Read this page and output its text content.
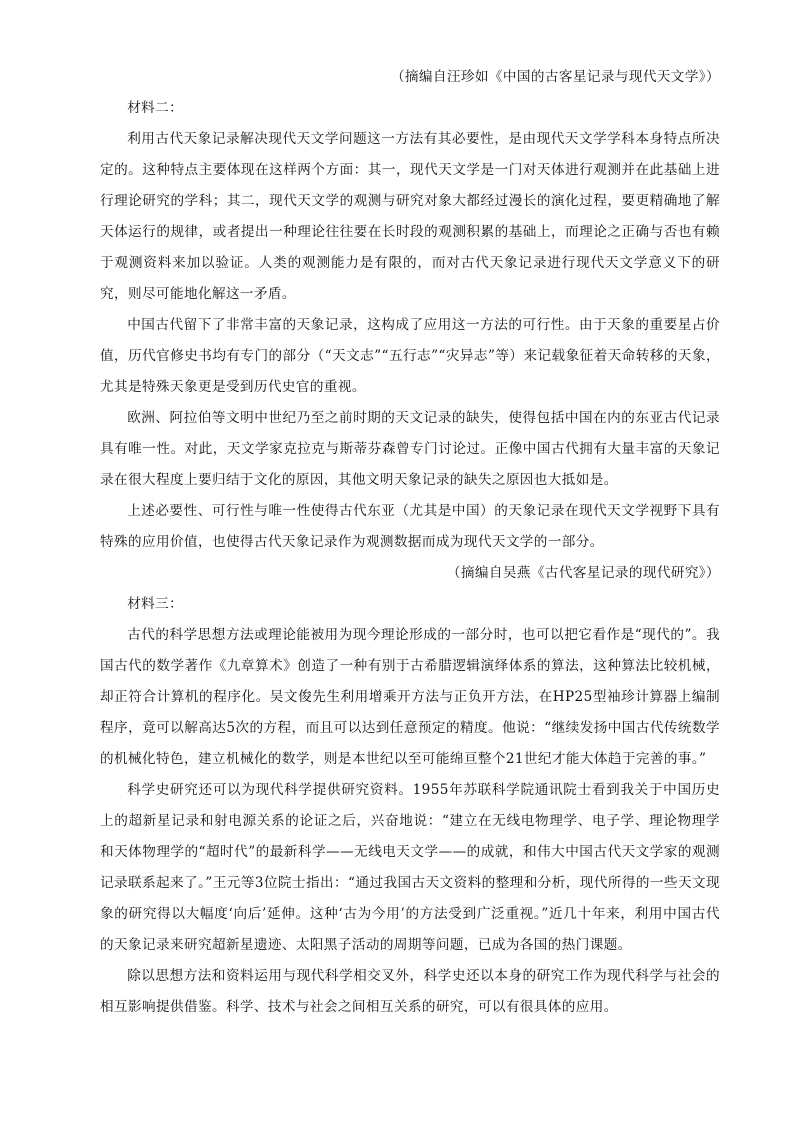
（摘编自汪珍如《中国的古客星记录与现代天文学》）

材料二：

利用古代天象记录解决现代天文学问题这一方法有其必要性，是由现代天文学学科本身特点所决定的。这种特点主要体现在这样两个方面：其一，现代天文学是一门对天体进行观测并在此基础上进行理论研究的学科；其二，现代天文学的观测与研究对象大都经过漫长的演化过程，要更精确地了解天体运行的规律，或者提出一种理论往往要在长时段的观测积累的基础上，而理论之正确与否也有赖于观测资料来加以验证。人类的观测能力是有限的，而对古代天象记录进行现代天文学意义下的研究，则尽可能地化解这一矛盾。

中国古代留下了非常丰富的天象记录，这构成了应用这一方法的可行性。由于天象的重要星占价值，历代官修史书均有专门的部分（“天文志”“五行志”“灾异志”等）来记载象征着天命转移的天象，尤其是特殊天象更是受到历代史官的重视。

欧洲、阿拉伯等文明中世纪乃至之前时期的天文记录的缺失，使得包括中国在内的东亚古代记录具有唯一性。对此，天文学家克拉克与斯蒂芬森曾专门讨论过。正像中国古代拥有大量丰富的天象记录在很大程度上要归结于文化的原因，其他文明天象记录的缺失之原因也大抵如是。

上述必要性、可行性与唯一性使得古代东亚（尤其是中国）的天象记录在现代天文学视野下具有特殊的应用价值，也使得古代天象记录作为观测数据而成为现代天文学的一部分。

（摘编自吴燕《古代客星记录的现代研究》）

材料三：

古代的科学思想方法或理论能被用为现今理论形成的一部分时，也可以把它看作是“现代的”。我国古代的数学著作《九章算术》创造了一种有别于古希腊逻辑演绎体系的算法，这种算法比较机械，却正符合计算机的程序化。吴文俊先生利用增乘开方法与正负开方法，在HP25型袖珍计算器上编制程序，竟可以解高达5次的方程，而且可以达到任意预定的精度。他说：“继续发扬中国古代传统数学的机械化特色，建立机械化的数学，则是本世纪以至可能绵亘整个21世纪才能大体趋于完善的事。”

科学史研究还可以为现代科学提供研究资料。1955年苏联科学院通讯院士看到我关于中国历史上的超新星记录和射电源关系的论证之后，兴奋地说：“建立在无线电物理学、电子学、理论物理学和天体物理学的“超时代”的最新科学——无线电天文学——的成就，和伟大中国古代天文学家的观测记录联系起来了。”王元等3位院士指出：“通过我国古天文资料的整理和分析，现代所得的一些天文现象的研究得以大幅度‘向后’延伸。这种‘古为今用’的方法受到广泛重视。”近几十年来，利用中国古代的天象记录来研究超新星遗迹、太阳黑子活动的周期等问题，已成为各国的热门课题。

除以思想方法和资料运用与现代科学相交叉外，科学史还以本身的研究工作为现代科学与社会的相互影响提供借鉴。科学、技术与社会之间相互关系的研究，可以有很具体的应用。
